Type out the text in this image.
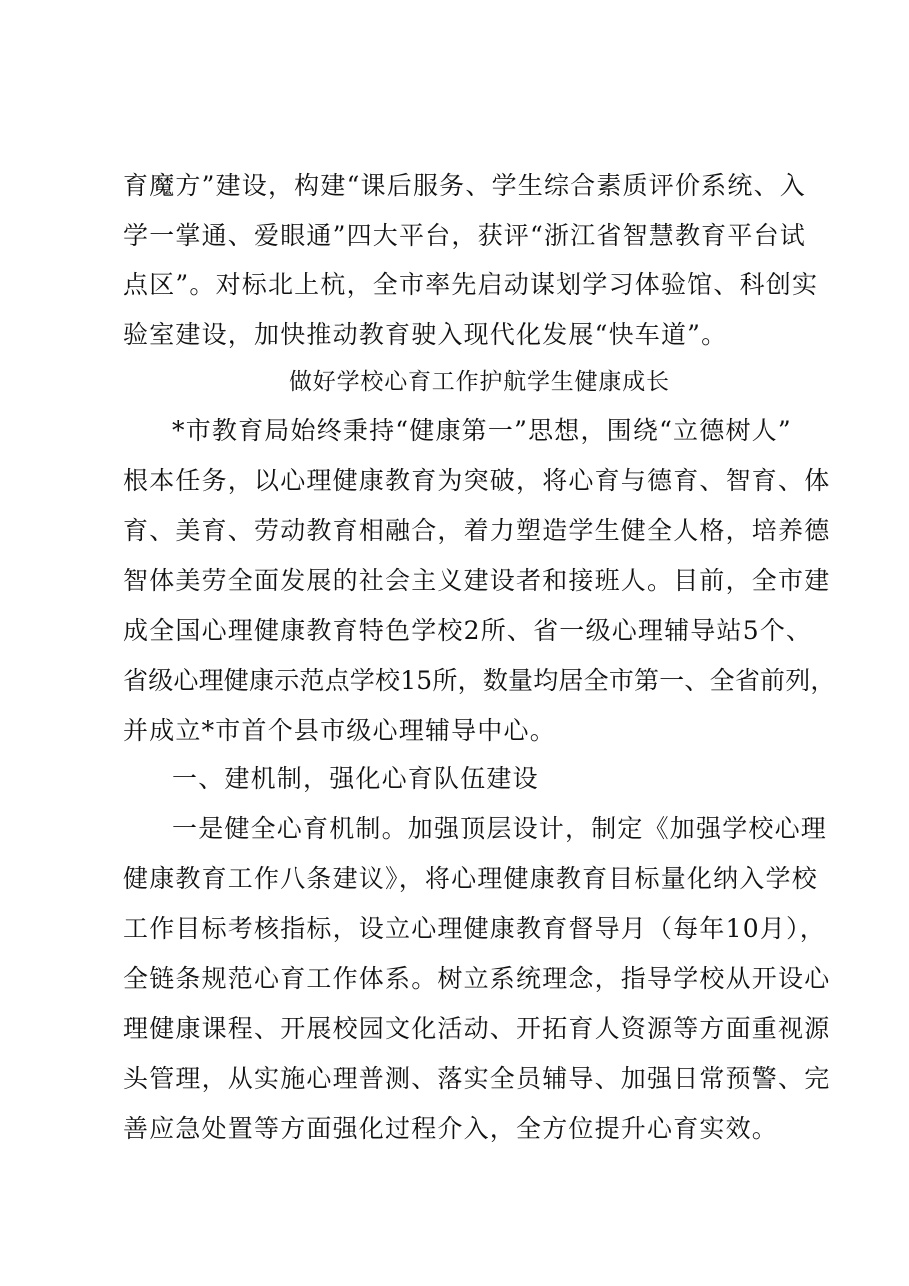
育魔方”建设，构建“课后服务、学生综合素质评价系统、入
学一掌通、爱眼通”四大平台，获评“浙江省智慧教育平台试
点区”。对标北上杭，全市率先启动谋划学习体验馆、科创实
验室建设，加快推动教育驶入现代化发展“快车道”。
做好学校心育工作护航学生健康成长
*市教育局始终秉持“健康第一”思想，围绕“立德树人”
根本任务，以心理健康教育为突破，将心育与德育、智育、体
育、美育、劳动教育相融合，着力塑造学生健全人格，培养德
智体美劳全面发展的社会主义建设者和接班人。目前，全市建
成全国心理健康教育特色学校2所、省一级心理辅导站5个、
省级心理健康示范点学校15所，数量均居全市第一、全省前列，
并成立*市首个县市级心理辅导中心。
一、建机制，强化心育队伍建设
一是健全心育机制。加强顶层设计，制定《加强学校心理
健康教育工作八条建议》，将心理健康教育目标量化纳入学校
工作目标考核指标，设立心理健康教育督导月（每年10月），
全链条规范心育工作体系。树立系统理念，指导学校从开设心
理健康课程、开展校园文化活动、开拓育人资源等方面重视源
头管理，从实施心理普测、落实全员辅导、加强日常预警、完
善应急处置等方面强化过程介入，全方位提升心育实效。
